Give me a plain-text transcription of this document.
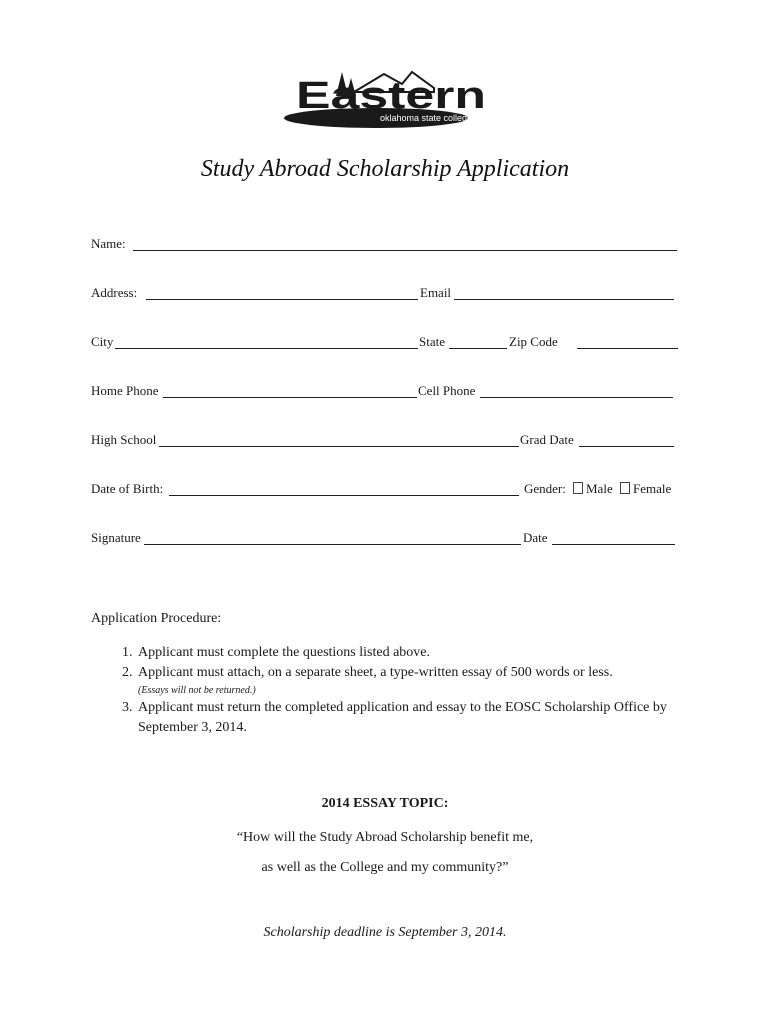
Eastern
oklahoma state college
Study Abroad Scholarship Application
Name:
Address:	Email
City	State	Zip Code
Home Phone	Cell Phone
High School	Grad Date
Date of Birth:	Gender:	Male	Female
Signature	Date
Application Procedure:
1. Applicant must complete the questions listed above.
2. Applicant must attach, on a separate sheet, a type-written essay of 500 words or less.
(Essays will not be returned.)
3. Applicant must return the completed application and essay to the EOSC Scholarship Office by September 3, 2014.
2014 ESSAY TOPIC:
“How will the Study Abroad Scholarship benefit me,
as well as the College and my community?”
Scholarship deadline is September 3, 2014.
